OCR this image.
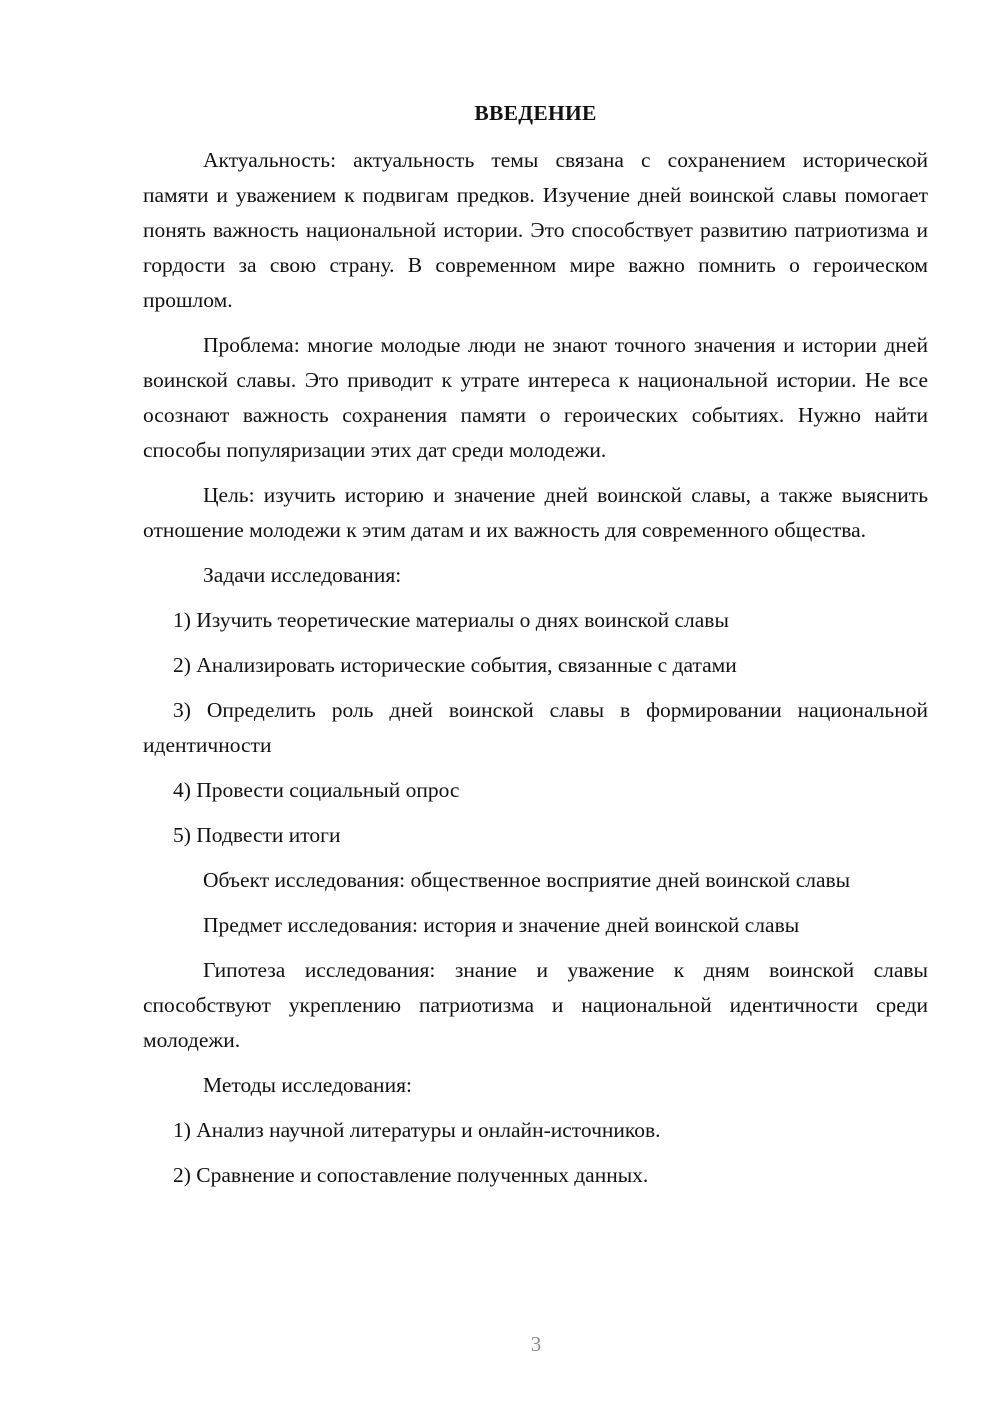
ВВЕДЕНИЕ

Актуальность: актуальность темы связана с сохранением исторической памяти и уважением к подвигам предков. Изучение дней воинской славы помогает понять важность национальной истории. Это способствует развитию патриотизма и гордости за свою страну. В современном мире важно помнить о героическом прошлом.

Проблема: многие молодые люди не знают точного значения и истории дней воинской славы. Это приводит к утрате интереса к национальной истории. Не все осознают важность сохранения памяти о героических событиях. Нужно найти способы популяризации этих дат среди молодежи.

Цель: изучить историю и значение дней воинской славы, а также выяснить отношение молодежи к этим датам и их важность для современного общества.

Задачи исследования:

1) Изучить теоретические материалы о днях воинской славы

2) Анализировать исторические события, связанные с датами

3) Определить роль дней воинской славы в формировании национальной идентичности

4) Провести социальный опрос

5) Подвести итоги

Объект исследования: общественное восприятие дней воинской славы

Предмет исследования: история и значение дней воинской славы

Гипотеза исследования: знание и уважение к дням воинской славы способствуют укреплению патриотизма и национальной идентичности среди молодежи.

Методы исследования:

1) Анализ научной литературы и онлайн-источников.

2) Сравнение и сопоставление полученных данных.

3
